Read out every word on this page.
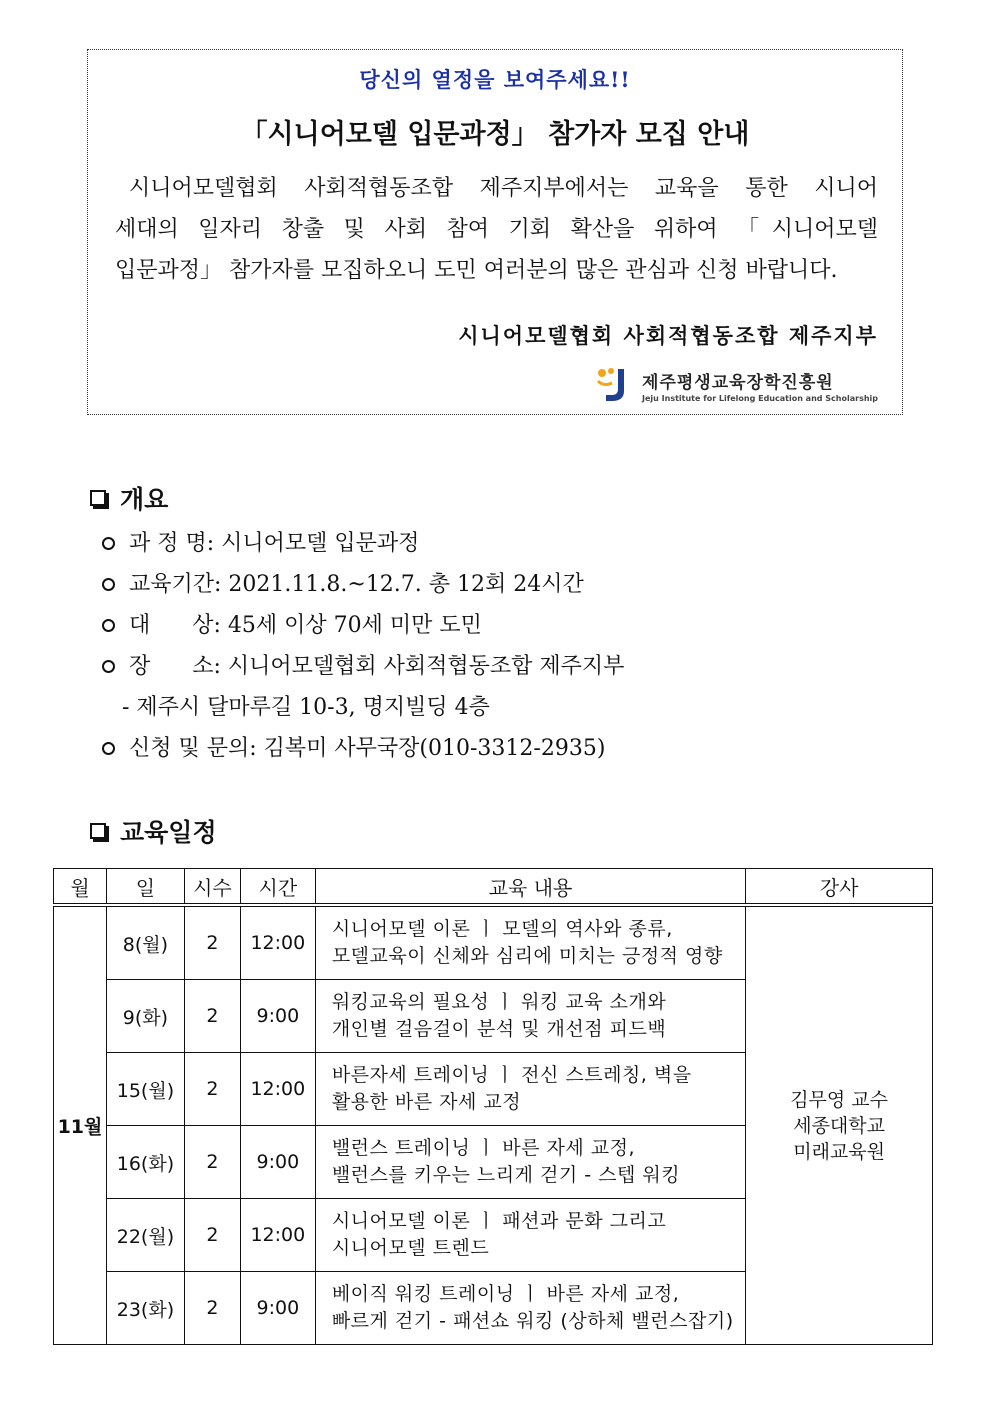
당신의 열정을 보여주세요!!
「시니어모델 입문과정」 참가자 모집 안내
시니어모델협회 사회적협동조합 제주지부에서는 교육을 통한 시니어
세대의 일자리 창출 및 사회 참여 기회 확산을 위하여 「시니어모델
입문과정」 참가자를 모집하오니 도민 여러분의 많은 관심과 신청 바랍니다.
시니어모델협회 사회적협동조합 제주지부
제주평생교육장학진흥원
Jeju Institute for Lifelong Education and Scholarship
개요
과 정 명 : 시니어모델 입문과정
교육기간 : 2021.11.8.~12.7. 총 12회 24시간
대      상 : 45세 이상 70세 미만 도민
장      소 : 시니어모델협회 사회적협동조합 제주지부
- 제주시 달마루길 10-3, 명지빌딩 4층
신청 및 문의 : 김복미 사무국장(010-3312-2935)
교육일정
월	일	시수	시간	교육 내용	강사
11월	8(월)	2	12:00	시니어모델 이론 ㅣ 모델의 역사와 종류,
모델교육이 신체와 심리에 미치는 긍정적 영향	김무영 교수
세종대학교
미래교육원

	9(화)	2	9:00	워킹교육의 필요성 ㅣ 워킹 교육 소개와
개인별 걸음걸이 분석 및 개선점 피드백	

	15(월)	2	12:00	바른자세 트레이닝 ㅣ 전신 스트레칭, 벽을
활용한 바른 자세 교정	

	16(화)	2	9:00	밸런스 트레이닝 ㅣ 바른 자세 교정,
밸런스를 키우는 느리게 걷기 - 스텝 워킹	

	22(월)	2	12:00	시니어모델 이론 ㅣ 패션과 문화 그리고
시니어모델 트렌드	

	23(화)	2	9:00	베이직 워킹 트레이닝 ㅣ 바른 자세 교정,
빠르게 걷기 - 패션쇼 워킹 (상하체 밸런스잡기)	
